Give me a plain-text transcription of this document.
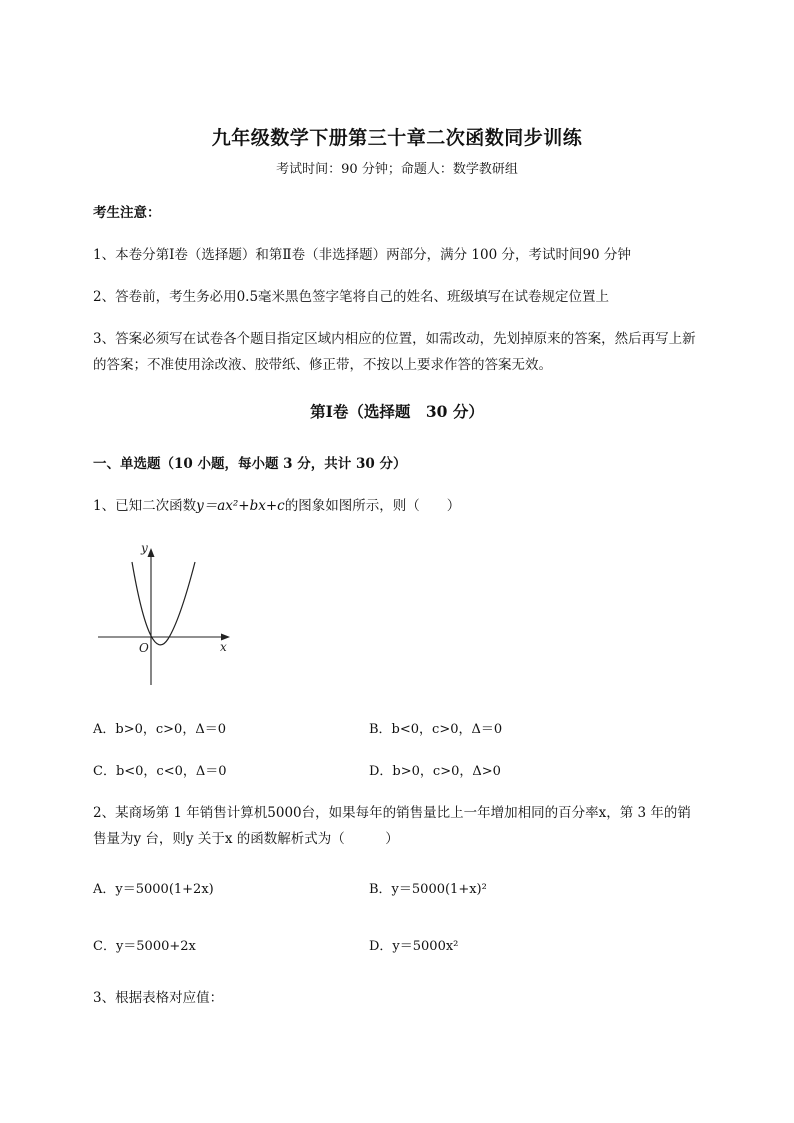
九年级数学下册第三十章二次函数同步训练
考试时间：90 分钟；命题人：数学教研组
考生注意：
1、本卷分第Ⅰ卷（选择题）和第Ⅱ卷（非选择题）两部分，满分 100 分，考试时间90 分钟
2、答卷前，考生务必用0.5毫米黑色签字笔将自己的姓名、班级填写在试卷规定位置上
3、答案必须写在试卷各个题目指定区域内相应的位置，如需改动，先划掉原来的答案，然后再写上新
的答案；不准使用涂改液、胶带纸、修正带，不按以上要求作答的答案无效。
第Ⅰ卷（选择题　30 分）
一、单选题（10 小题，每小题 3 分，共计 30 分）
1、已知二次函数y＝ax²+bx+c的图象如图所示，则（　　）
y
x
O
A．b>0，c>0，Δ＝0	B．b<0，c>0，Δ＝0
C．b<0，c<0，Δ＝0	D．b>0，c>0，Δ>0
2、某商场第 1 年销售计算机5000台，如果每年的销售量比上一年增加相同的百分率x，第 3 年的销
售量为y 台，则y 关于x 的函数解析式为（　　　）
A．y＝5000(1+2x)	B．y＝5000(1+x)²
C．y＝5000+2x	D．y＝5000x²
3、根据表格对应值：
